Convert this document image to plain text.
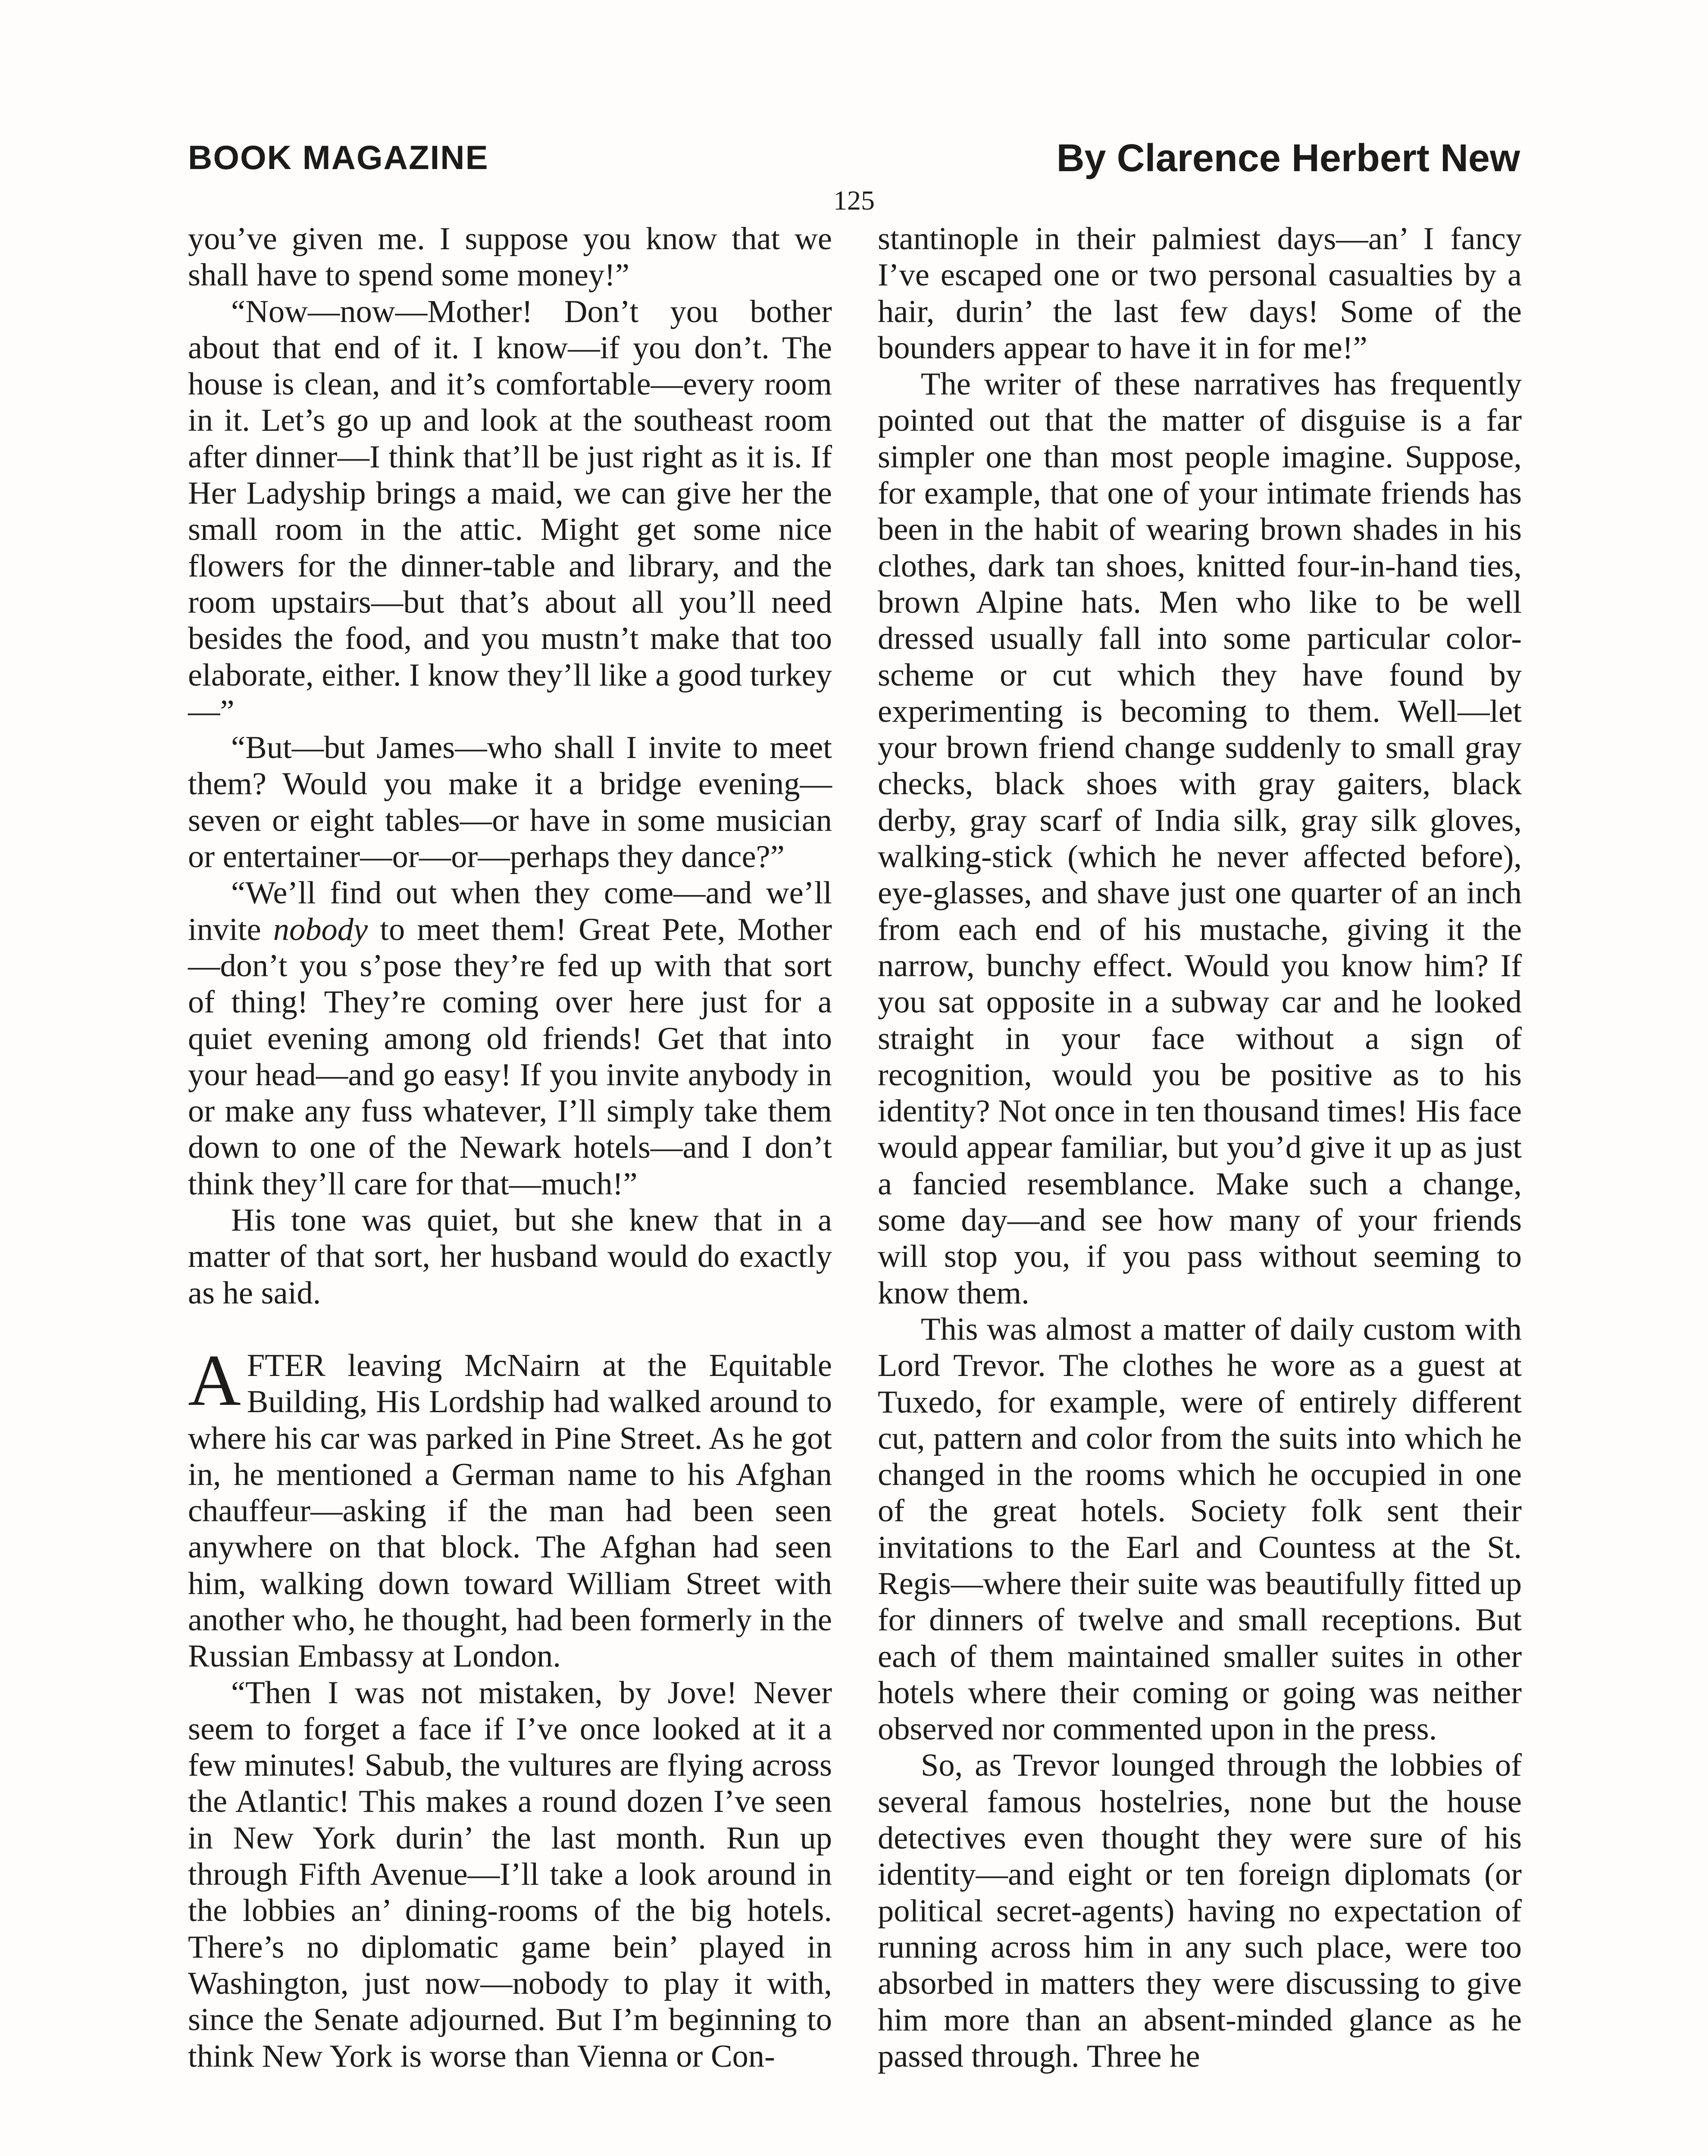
BOOK MAGAZINE	By Clarence Herbert New
125

you’ve given me. I suppose you know that we shall have to spend some money!”

“Now—now—Mother! Don’t you bother about that end of it. I know—if you don’t. The house is clean, and it’s comfortable—every room in it. Let’s go up and look at the southeast room after dinner—I think that’ll be just right as it is. If Her Ladyship brings a maid, we can give her the small room in the attic. Might get some nice flowers for the dinner-table and library, and the room upstairs—but that’s about all you’ll need besides the food, and you mustn’t make that too elaborate, either. I know they’ll like a good turkey—”

“But—but James—who shall I invite to meet them? Would you make it a bridge evening—seven or eight tables—or have in some musician or entertainer—or—or—perhaps they dance?”

“We’ll find out when they come—and we’ll invite nobody to meet them! Great Pete, Mother—don’t you s’pose they’re fed up with that sort of thing! They’re coming over here just for a quiet evening among old friends! Get that into your head—and go easy! If you invite anybody in or make any fuss whatever, I’ll simply take them down to one of the Newark hotels—and I don’t think they’ll care for that—much!”

His tone was quiet, but she knew that in a matter of that sort, her husband would do exactly as he said.

AFTER leaving McNairn at the Equitable Building, His Lordship had walked around to where his car was parked in Pine Street. As he got in, he mentioned a German name to his Afghan chauffeur—asking if the man had been seen anywhere on that block. The Afghan had seen him, walking down toward William Street with another who, he thought, had been formerly in the Russian Embassy at London.

“Then I was not mistaken, by Jove! Never seem to forget a face if I’ve once looked at it a few minutes! Sabub, the vultures are flying across the Atlantic! This makes a round dozen I’ve seen in New York durin’ the last month. Run up through Fifth Avenue—I’ll take a look around in the lobbies an’ dining-rooms of the big hotels. There’s no diplomatic game bein’ played in Washington, just now—nobody to play it with, since the Senate adjourned. But I’m beginning to think New York is worse than Vienna or Con-

stantinople in their palmiest days—an’ I fancy I’ve escaped one or two personal casualties by a hair, durin’ the last few days! Some of the bounders appear to have it in for me!”

The writer of these narratives has frequently pointed out that the matter of disguise is a far simpler one than most people imagine. Suppose, for example, that one of your intimate friends has been in the habit of wearing brown shades in his clothes, dark tan shoes, knitted four-in-hand ties, brown Alpine hats. Men who like to be well dressed usually fall into some particular color-scheme or cut which they have found by experimenting is becoming to them. Well—let your brown friend change suddenly to small gray checks, black shoes with gray gaiters, black derby, gray scarf of India silk, gray silk gloves, walking-stick (which he never affected before), eye-glasses, and shave just one quarter of an inch from each end of his mustache, giving it the narrow, bunchy effect. Would you know him? If you sat opposite in a subway car and he looked straight in your face without a sign of recognition, would you be positive as to his identity? Not once in ten thousand times! His face would appear familiar, but you’d give it up as just a fancied resemblance. Make such a change, some day—and see how many of your friends will stop you, if you pass without seeming to know them.

This was almost a matter of daily custom with Lord Trevor. The clothes he wore as a guest at Tuxedo, for example, were of entirely different cut, pattern and color from the suits into which he changed in the rooms which he occupied in one of the great hotels. Society folk sent their invitations to the Earl and Countess at the St. Regis—where their suite was beautifully fitted up for dinners of twelve and small receptions. But each of them maintained smaller suites in other hotels where their coming or going was neither observed nor commented upon in the press.

So, as Trevor lounged through the lobbies of several famous hostelries, none but the house detectives even thought they were sure of his identity—and eight or ten foreign diplomats (or political secret-agents) having no expectation of running across him in any such place, were too absorbed in matters they were discussing to give him more than an absent-minded glance as he passed through. Three he
